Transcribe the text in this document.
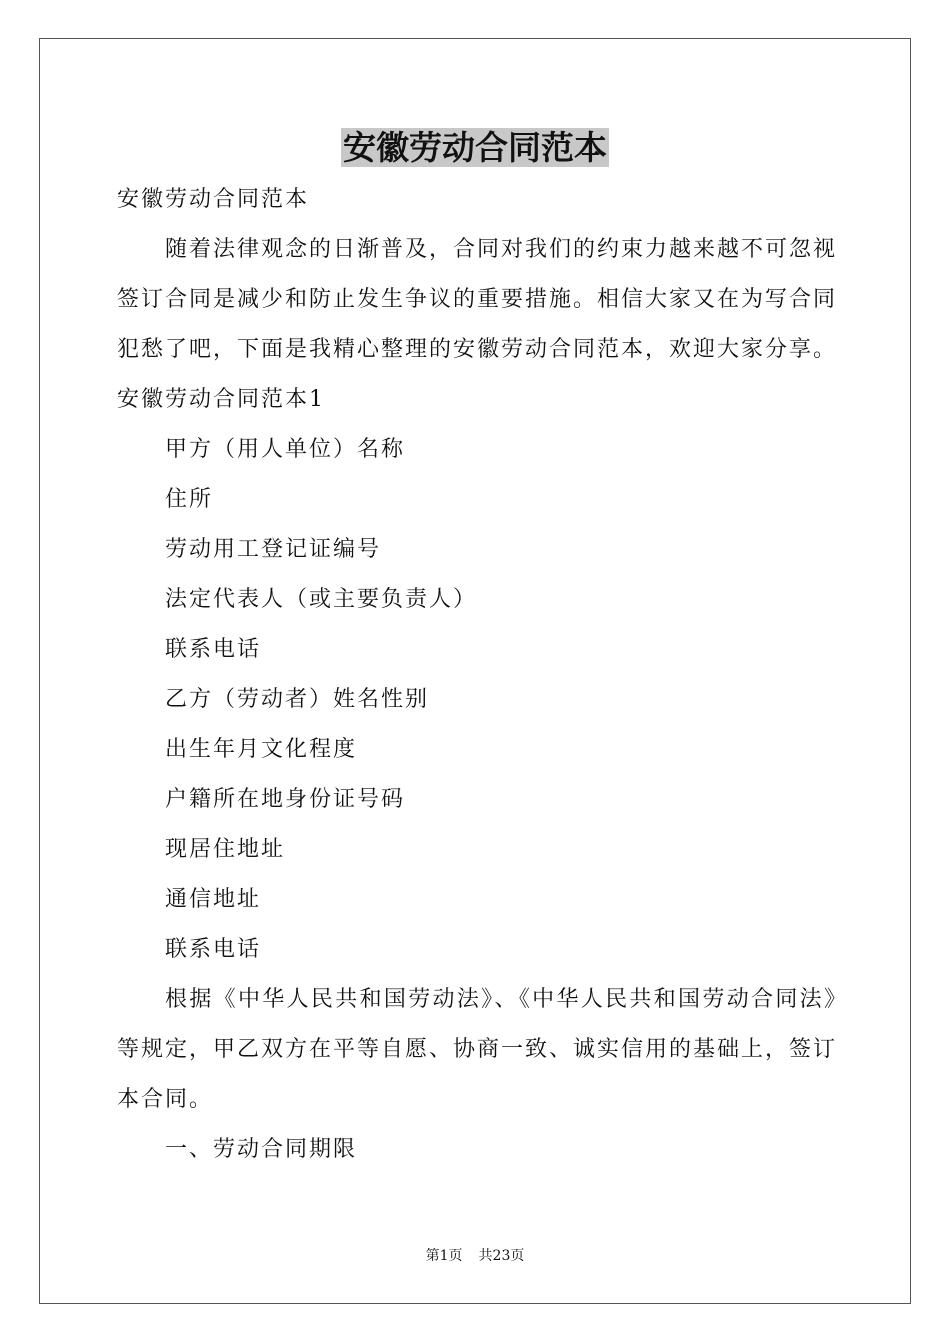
安徽劳动合同范本

安徽劳动合同范本

随着法律观念的日渐普及，合同对我们的约束力越来越不可忽视签订合同是减少和防止发生争议的重要措施。相信大家又在为写合同犯愁了吧，下面是我精心整理的安徽劳动合同范本，欢迎大家分享。

安徽劳动合同范本1

甲方（用人单位）名称

住所

劳动用工登记证编号

法定代表人（或主要负责人）

联系电话

乙方（劳动者）姓名性别

出生年月文化程度

户籍所在地身份证号码

现居住地址

通信地址

联系电话

根据《中华人民共和国劳动法》、《中华人民共和国劳动合同法》等规定，甲乙双方在平等自愿、协商一致、诚实信用的基础上，签订本合同。

一、劳动合同期限

第1页 共23页
